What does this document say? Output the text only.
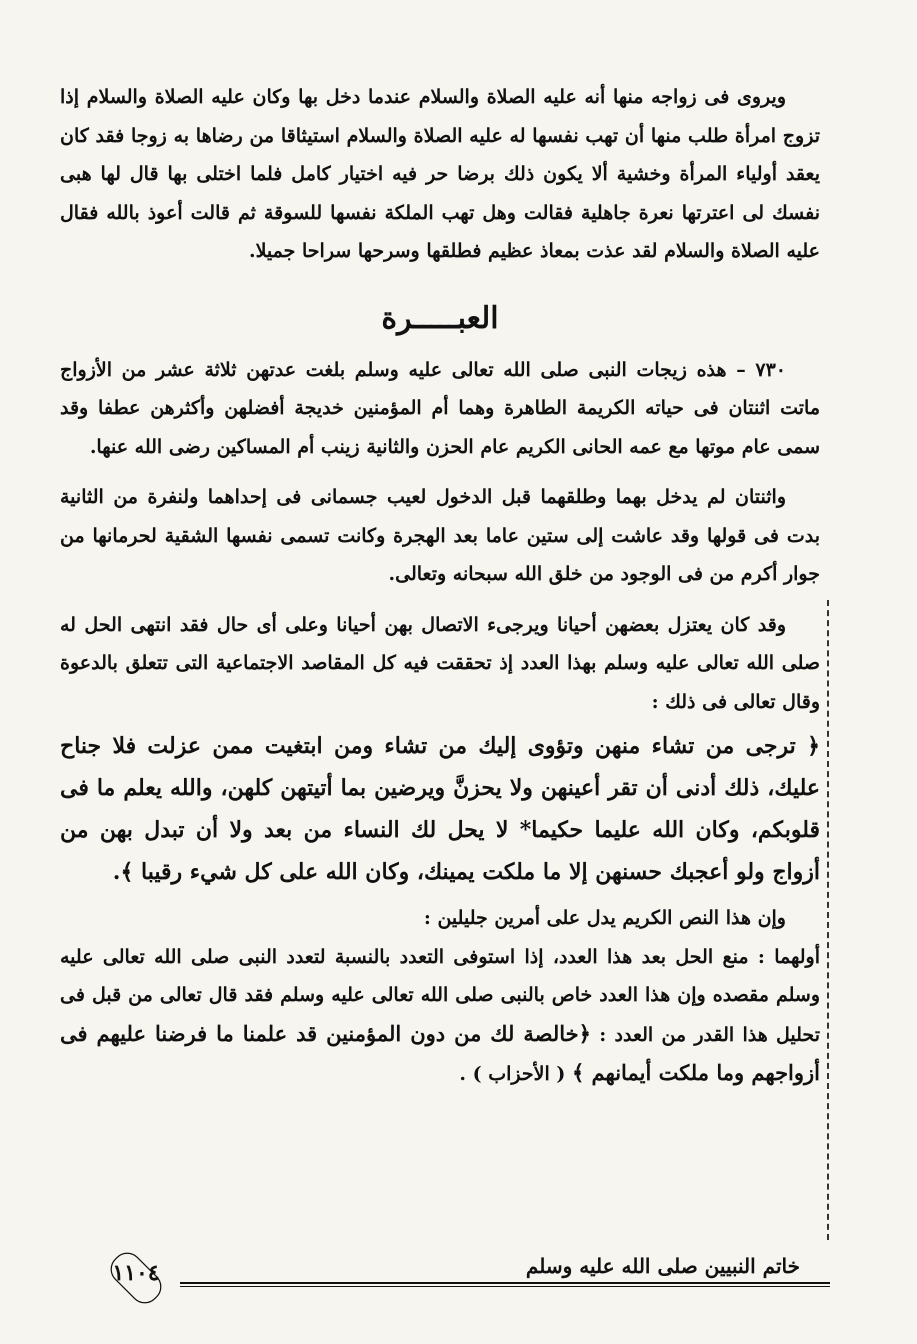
ويروى فى زواجه منها أنه عليه الصلاة والسلام عندما دخل بها وكان عليه الصلاة والسلام إذا تزوج امرأة طلب منها أن تهب نفسها له عليه الصلاة والسلام استيثاقا من رضاها به زوجا فقد كان يعقد أولياء المرأة وخشية ألا يكون ذلك برضا حر فيه اختيار كامل فلما اختلى بها قال لها هبى نفسك لى اعترتها نعرة جاهلية فقالت وهل تهب الملكة نفسها للسوقة ثم قالت أعوذ بالله فقال عليه الصلاة والسلام لقد عذت بمعاذ عظيم فطلقها وسرحها سراحا جميلا.

العبـــــرة

٧٣٠ – هذه زيجات النبى صلى الله تعالى عليه وسلم بلغت عدتهن ثلاثة عشر من الأزواج ماتت اثنتان فى حياته الكريمة الطاهرة وهما أم المؤمنين خديجة أفضلهن وأكثرهن عطفا وقد سمى عام موتها مع عمه الحانى الكريم عام الحزن والثانية زينب أم المساكين رضى الله عنها.

واثنتان لم يدخل بهما وطلقهما قبل الدخول لعيب جسمانى فى إحداهما ولنفرة من الثانية بدت فى قولها وقد عاشت إلى ستين عاما بعد الهجرة وكانت تسمى نفسها الشقية لحرمانها من جوار أكرم من فى الوجود من خلق الله سبحانه وتعالى.

وقد كان يعتزل بعضهن أحيانا ويرجىء الاتصال بهن أحيانا وعلى أى حال فقد انتهى الحل له صلى الله تعالى عليه وسلم بهذا العدد إذ تحققت فيه كل المقاصد الاجتماعية التى تتعلق بالدعوة وقال تعالى فى ذلك :

﴿ ترجى من تشاء منهن وتؤوى إليك من تشاء ومن ابتغيت ممن عزلت فلا جناح عليك، ذلك أدنى أن تقر أعينهن ولا يحزنَّ ويرضين بما أتيتهن كلهن، والله يعلم ما فى قلوبكم، وكان الله عليما حكيما* لا يحل لك النساء من بعد ولا أن تبدل بهن من أزواج ولو أعجبك حسنهن إلا ما ملكت يمينك، وكان الله على كل شيء رقيبا ﴾.

وإن هذا النص الكريم يدل على أمرين جليلين :

أولهما : منع الحل بعد هذا العدد، إذا استوفى التعدد بالنسبة لتعدد النبى صلى الله تعالى عليه وسلم مقصده وإن هذا العدد خاص بالنبى صلى الله تعالى عليه وسلم فقد قال تعالى من قبل فى تحليل هذا القدر من العدد : ﴿خالصة لك من دون المؤمنين قد علمنا ما فرضنا عليهم فى أزواجهم وما ملكت أيمانهم ﴾ ( الأحزاب ) .

خاتم النبيين صلى الله عليه وسلم
١١٠٤
